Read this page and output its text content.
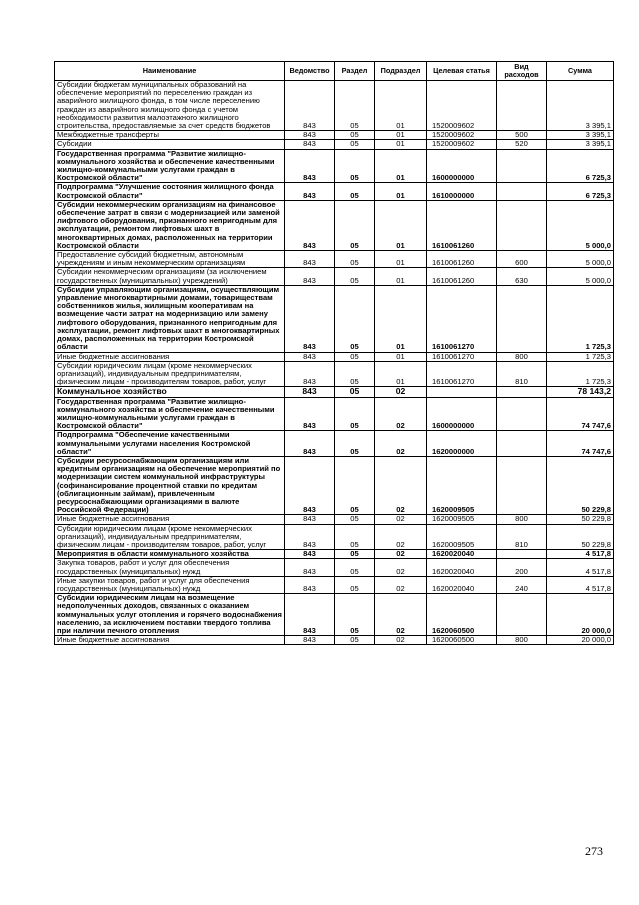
Наименование	Ведомство	Раздел	Подраздел	Целевая статья	Вид расходов	Сумма
Субсидии бюджетам муниципальных образований на обеспечение мероприятий по переселению граждан из аварийного жилищного фонда, в том числе переселению граждан из аварийного жилищного фонда с учетом необходимости развития малоэтажного жилищного строительства, предоставляемые за счет средств бюджетов	843	05	01	1520009602		3 395,1
Межбюджетные трансферты	843	05	01	1520009602	500	3 395,1
Субсидии	843	05	01	1520009602	520	3 395,1
Государственная программа "Развитие жилищно-коммунального хозяйства и обеспечение качественными жилищно-коммунальными услугами граждан в Костромской области"	843	05	01	1600000000		6 725,3
Подпрограмма "Улучшение состояния жилищного фонда Костромской области"	843	05	01	1610000000		6 725,3
Субсидии некоммерческим организациям на финансовое обеспечение затрат в связи с модернизацией или заменой лифтового оборудования, признанного непригодным для эксплуатации, ремонтом лифтовых шахт в многоквартирных домах, расположенных на территории Костромской области	843	05	01	1610061260		5 000,0
Предоставление субсидий бюджетным, автономным учреждениям и иным некоммерческим организациям	843	05	01	1610061260	600	5 000,0
Субсидии некоммерческим организациям (за исключением государственных (муниципальных) учреждений)	843	05	01	1610061260	630	5 000,0
Субсидии управляющим организациям, осуществляющим управление многоквартирными домами, товариществам собственников жилья, жилищным кооперативам на возмещение части затрат на модернизацию или замену лифтового оборудования, признанного непригодным для эксплуатации, ремонт лифтовых шахт в многоквартирных домах, расположенных на территории Костромской области	843	05	01	1610061270		1 725,3
Иные бюджетные ассигнования	843	05	01	1610061270	800	1 725,3
Субсидии юридическим лицам (кроме некоммерческих организаций), индивидуальным предпринимателям, физическим лицам - производителям товаров, работ, услуг	843	05	01	1610061270	810	1 725,3
Коммунальное хозяйство	843	05	02			78 143,2
Государственная программа "Развитие жилищно-коммунального хозяйства и обеспечение качественными жилищно-коммунальными услугами граждан в Костромской области"	843	05	02	1600000000		74 747,6
Подпрограмма "Обеспечение качественными коммунальными услугами населения Костромской области"	843	05	02	1620000000		74 747,6
Субсидии ресурсоснабжающим организациям или кредитным организациям на обеспечение мероприятий по модернизации систем коммунальной инфраструктуры (софинансирование процентной ставки по кредитам (облигационным займам), привлеченным ресурсоснабжающими организациями в валюте Российской Федерации)	843	05	02	1620009505		50 229,8
Иные бюджетные ассигнования	843	05	02	1620009505	800	50 229,8
Субсидии юридическим лицам (кроме некоммерческих организаций), индивидуальным предпринимателям, физическим лицам - производителям товаров, работ, услуг	843	05	02	1620009505	810	50 229,8
Мероприятия в области коммунального хозяйства	843	05	02	1620020040		4 517,8
Закупка товаров, работ и услуг для обеспечения государственных (муниципальных) нужд	843	05	02	1620020040	200	4 517,8
Иные закупки товаров, работ и услуг для обеспечения государственных (муниципальных) нужд	843	05	02	1620020040	240	4 517,8
Субсидии юридическим лицам на возмещение недополученных доходов, связанных с оказанием коммунальных услуг отопления и горячего водоснабжения населению, за исключением поставки твердого топлива при наличии печного отопления	843	05	02	1620060500		20 000,0
Иные бюджетные ассигнования	843	05	02	1620060500	800	20 000,0
273
